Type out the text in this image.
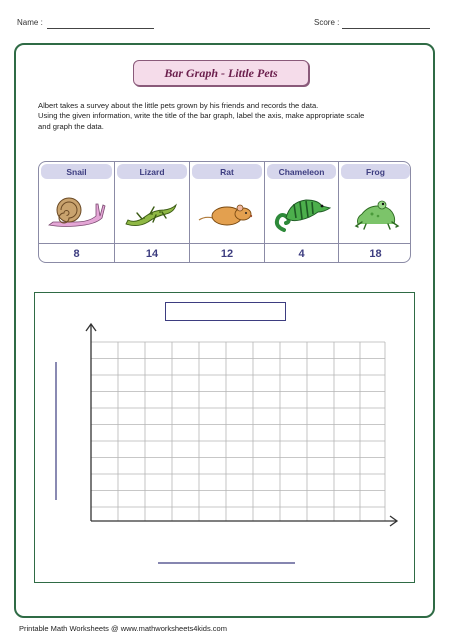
Name :	Score :
Bar Graph - Little Pets
Albert takes a survey about the little pets grown by his friends and records the data.
Using the given information, write the title of the bar graph, label the axis, make appropriate scale
and graph the data.
Snail
8
Lizard
14
Rat
12
Chameleon
4
Frog
18
Printable Math Worksheets @ www.mathworksheets4kids.com
